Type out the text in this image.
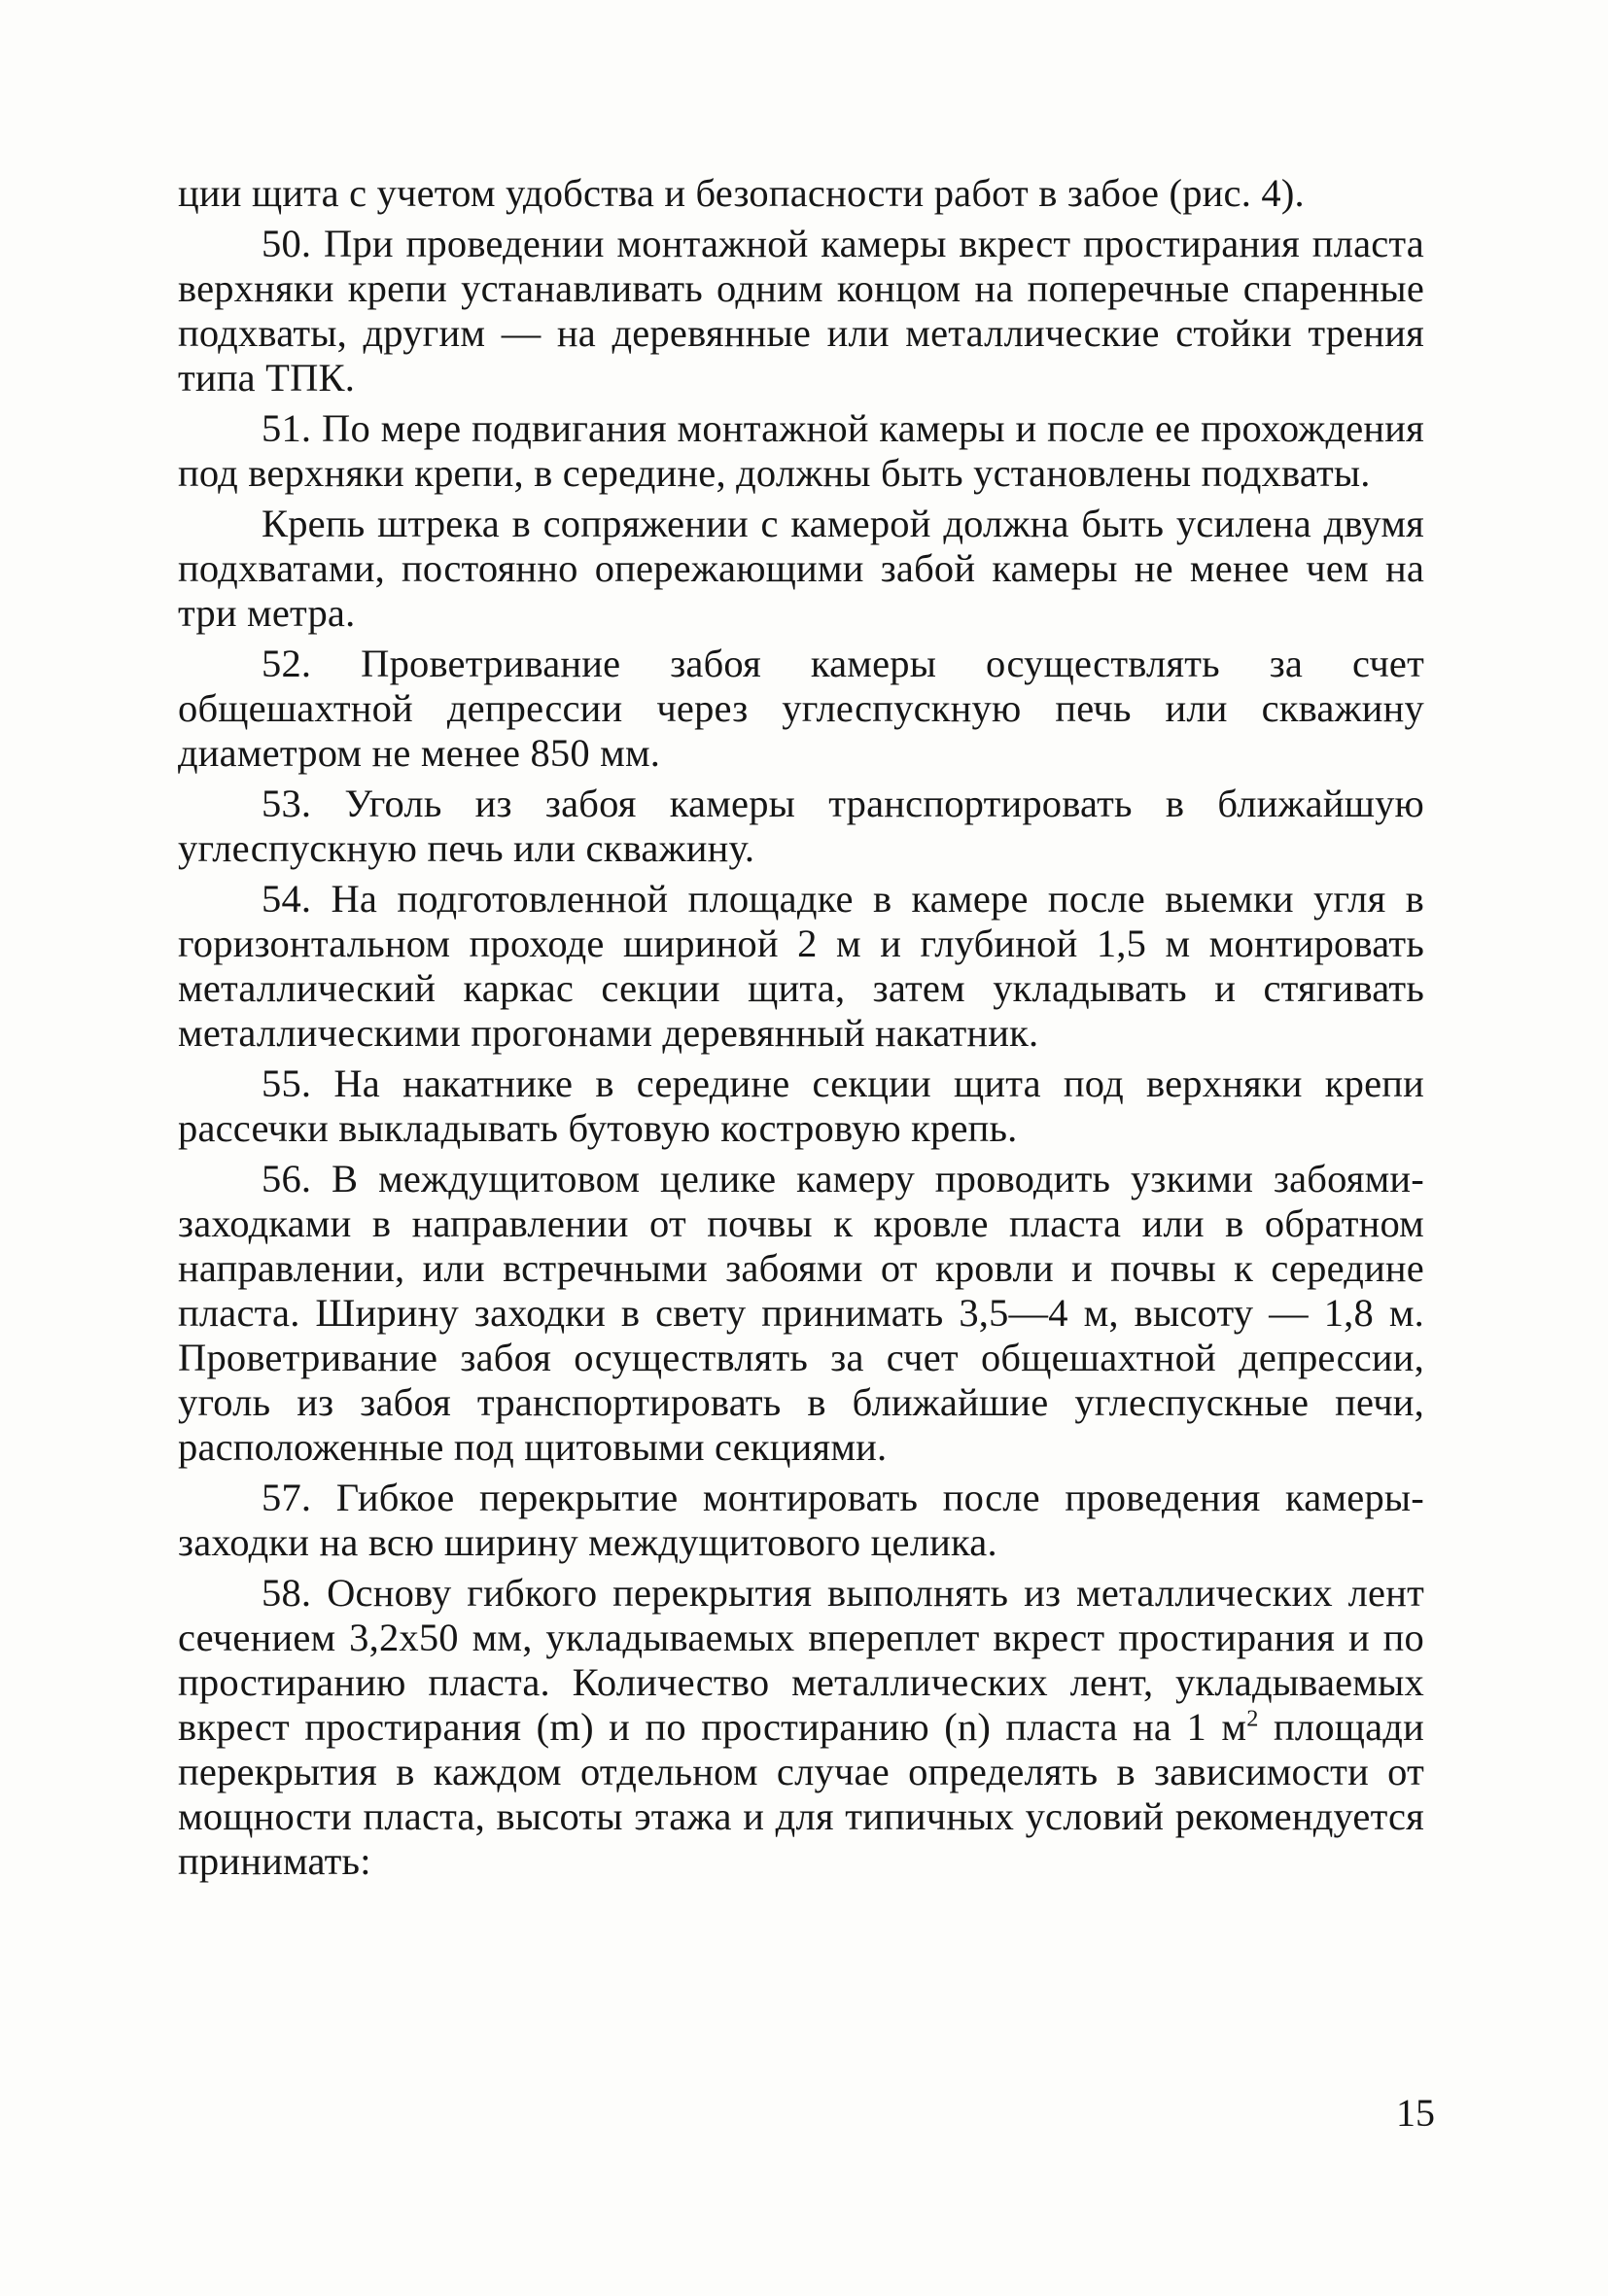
ции щита с учетом удобства и безопасности работ в забое (рис. 4).

50. При проведении монтажной камеры вкрест простирания пласта верхняки крепи устанавливать одним концом на поперечные спаренные подхваты, другим — на деревянные или металлические стойки трения типа ТПК.

51. По мере подвигания монтажной камеры и после ее прохождения под верхняки крепи, в середине, должны быть установлены подхваты.

Крепь штрека в сопряжении с камерой должна быть усилена двумя подхватами, постоянно опережающими забой камеры не менее чем на три метра.

52. Проветривание забоя камеры осуществлять за счет общешахтной депрессии через углеспускную печь или скважину диаметром не менее 850 мм.

53. Уголь из забоя камеры транспортировать в ближайшую углеспускную печь или скважину.

54. На подготовленной площадке в камере после выемки угля в горизонтальном проходе шириной 2 м и глубиной 1,5 м монтировать металлический каркас секции щита, затем укладывать и стягивать металлическими прогонами деревянный накатник.

55. На накатнике в середине секции щита под верхняки крепи рассечки выкладывать бутовую костровую крепь.

56. В междущитовом целике камеру проводить узкими забоями-заходками в направлении от почвы к кровле пласта или в обратном направлении, или встречными забоями от кровли и почвы к середине пласта. Ширину заходки в свету принимать 3,5—4 м, высоту — 1,8 м. Проветривание забоя осуществлять за счет общешахтной депрессии, уголь из забоя транспортировать в ближайшие углеспускные печи, расположенные под щитовыми секциями.

57. Гибкое перекрытие монтировать после проведения камеры-заходки на всю ширину междущитового целика.

58. Основу гибкого перекрытия выполнять из металлических лент сечением 3,2х50 мм, укладываемых впереплет вкрест простирания и по простиранию пласта. Количество металлических лент, укладываемых вкрест простирания (m) и по простиранию (n) пласта на 1 $м^2$ площади перекрытия в каждом отдельном случае определять в зависимости от мощности пласта, высоты этажа и для типичных условий рекомендуется принимать:

15
